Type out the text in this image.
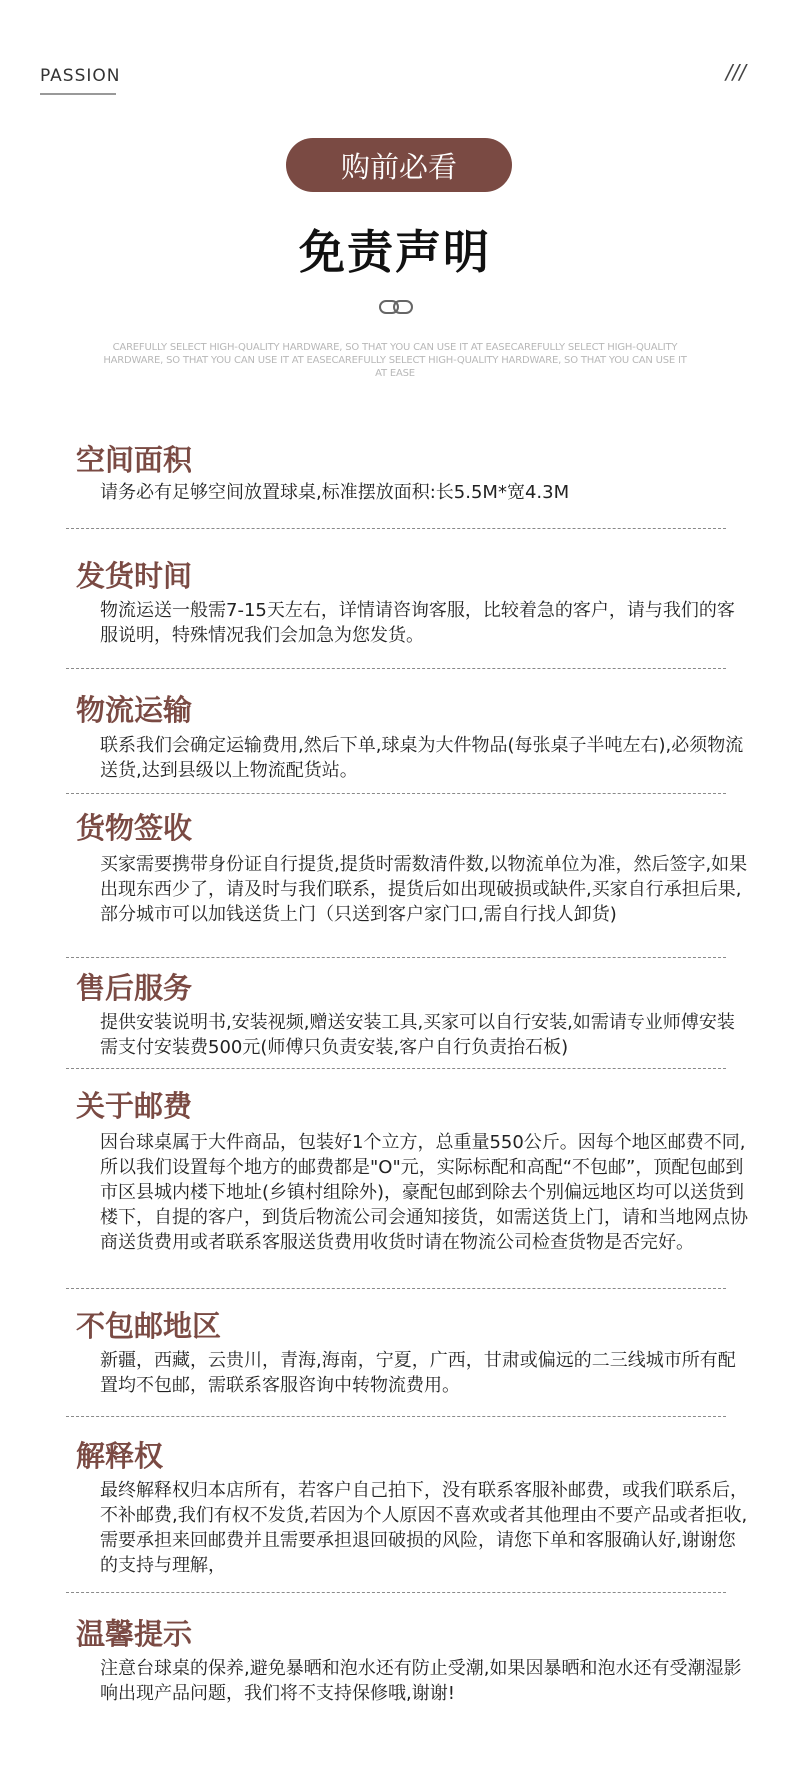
PASSION	///
购前必看
免责声明
CAREFULLY SELECT HIGH-QUALITY HARDWARE, SO THAT YOU CAN USE IT AT EASECAREFULLY SELECT HIGH-QUALITY HARDWARE, SO THAT YOU CAN USE IT AT EASECAREFULLY SELECT HIGH-QUALITY HARDWARE, SO THAT YOU CAN USE IT AT EASE
空间面积
请务必有足够空间放置球桌,标准摆放面积:长5.5M*宽4.3M
发货时间
物流运送一般需7-15天左右，详情请咨询客服，比较着急的客户，请与我们的客服说明，特殊情况我们会加急为您发货。
物流运输
联系我们会确定运输费用,然后下单,球桌为大件物品(每张桌子半吨左右),必须物流送货,达到县级以上物流配货站。
货物签收
买家需要携带身份证自行提货,提货时需数清件数,以物流单位为准，然后签字,如果出现东西少了，请及时与我们联系，提货后如出现破损或缺件,买家自行承担后果,部分城市可以加钱送货上门（只送到客户家门口,需自行找人卸货)
售后服务
提供安装说明书,安装视频,赠送安装工具,买家可以自行安装,如需请专业师傅安装需支付安装费500元(师傅只负责安装,客户自行负责抬石板)
关于邮费
因台球桌属于大件商品，包装好1个立方，总重量550公斤。因每个地区邮费不同,所以我们设置每个地方的邮费都是"O"元，实际标配和高配“不包邮”，顶配包邮到市区县城内楼下地址(乡镇村组除外)，豪配包邮到除去个别偏远地区均可以送货到楼下，自提的客户，到货后物流公司会通知接货，如需送货上门，请和当地网点协商送货费用或者联系客服送货费用收货时请在物流公司检查货物是否完好。
不包邮地区
新疆，西藏，云贵川，青海,海南，宁夏，广西，甘肃或偏远的二三线城市所有配置均不包邮，需联系客服咨询中转物流费用。
解释权
最终解释权归本店所有，若客户自己拍下，没有联系客服补邮费，或我们联系后，不补邮费,我们有权不发货,若因为个人原因不喜欢或者其他理由不要产品或者拒收,需要承担来回邮费并且需要承担退回破损的风险，请您下单和客服确认好,谢谢您的支持与理解，
温馨提示
注意台球桌的保养,避免暴晒和泡水还有防止受潮,如果因暴晒和泡水还有受潮湿影响出现产品问题，我们将不支持保修哦,谢谢!
